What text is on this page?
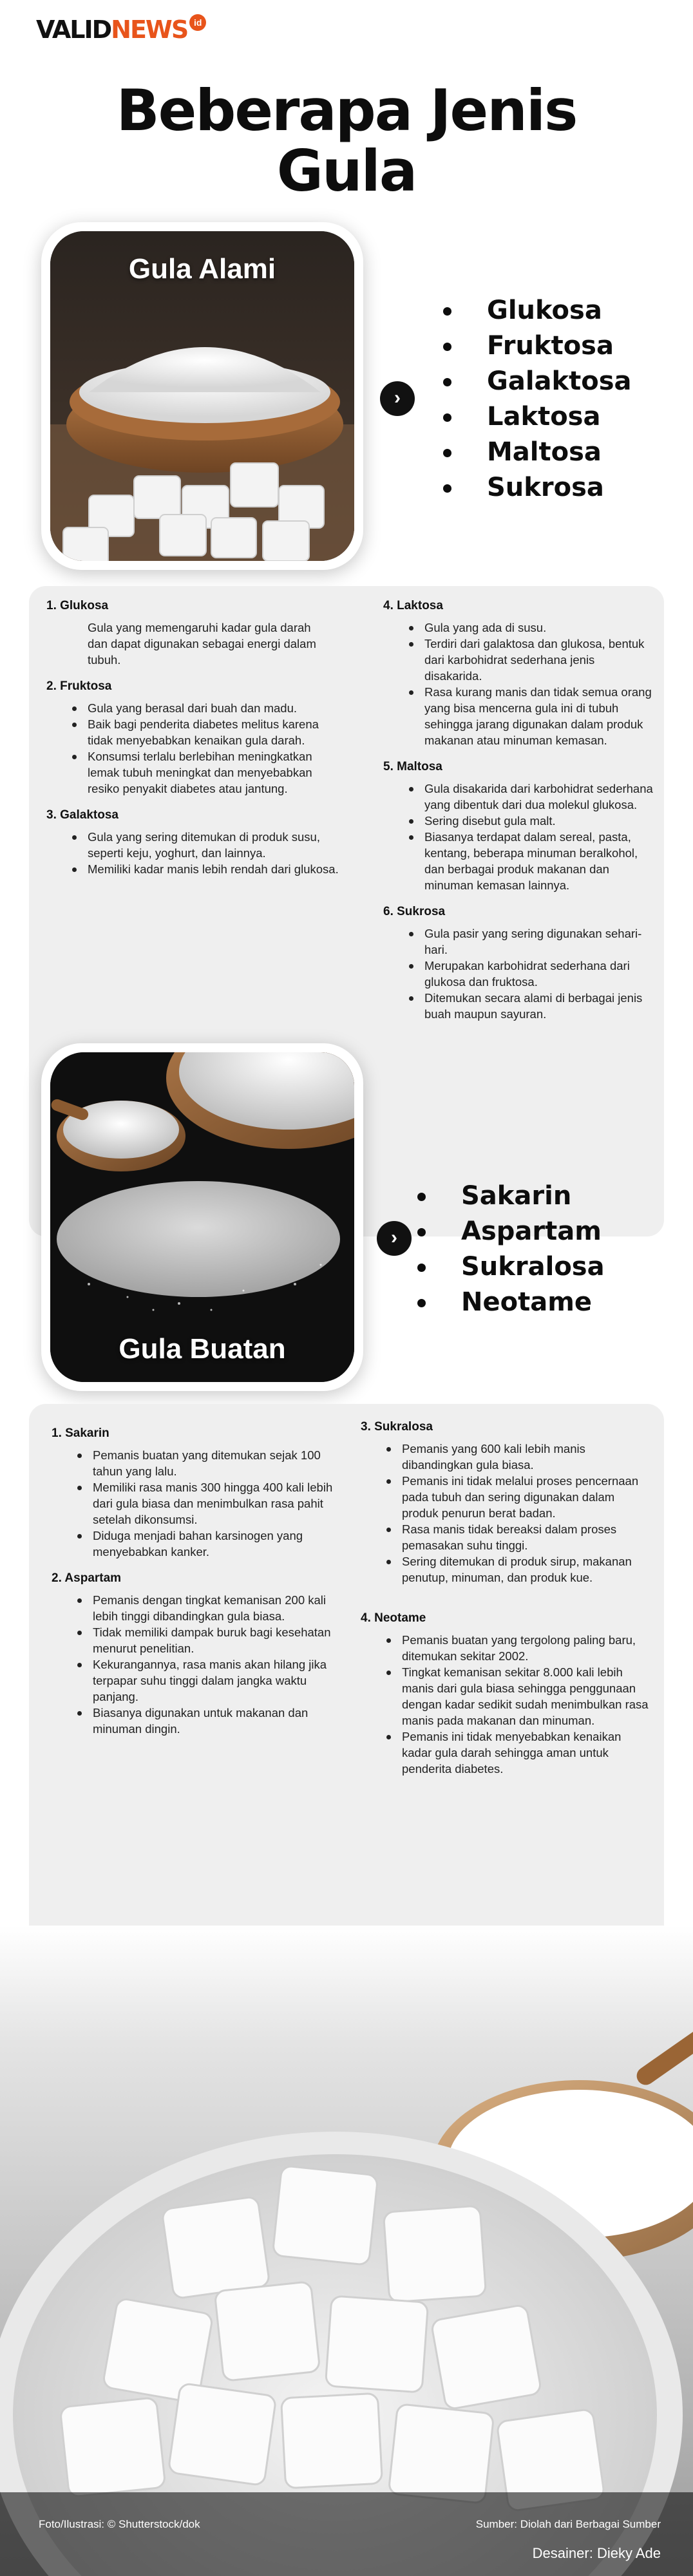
VALID NEWS id
Beberapa Jenis
Gula
Gula Alami
›
Glukosa
Fruktosa
Galaktosa
Laktosa
Maltosa
Sukrosa
1. Glukosa
Gula yang memengaruhi kadar gula darah dan dapat digunakan sebagai energi dalam tubuh.
2. Fruktosa
Gula yang berasal dari buah dan madu.
Baik bagi penderita diabetes melitus karena tidak menyebabkan kenaikan gula darah.
Konsumsi terlalu berlebihan meningkatkan lemak tubuh meningkat dan menyebabkan resiko penyakit diabetes atau jantung.
3. Galaktosa
Gula yang sering ditemukan di produk susu, seperti keju, yoghurt, dan lainnya.
Memiliki kadar manis lebih rendah dari glukosa.
4. Laktosa
Gula yang ada di susu.
Terdiri dari galaktosa dan glukosa, bentuk dari karbohidrat sederhana jenis disakarida.
Rasa kurang manis dan tidak semua orang yang bisa mencerna gula ini di tubuh sehingga jarang digunakan dalam produk makanan atau minuman kemasan.
5. Maltosa
Gula disakarida dari karbohidrat sederhana yang dibentuk dari dua molekul glukosa.
Sering disebut gula malt.
Biasanya terdapat dalam sereal, pasta, kentang, beberapa minuman beralkohol, dan berbagai produk makanan dan minuman kemasan lainnya.
6. Sukrosa
Gula pasir yang sering digunakan sehari-hari.
Merupakan karbohidrat sederhana dari glukosa dan fruktosa.
Ditemukan secara alami di berbagai jenis buah maupun sayuran.
Gula Buatan
›
Sakarin
Aspartam
Sukralosa
Neotame
1. Sakarin
Pemanis buatan yang ditemukan sejak 100 tahun yang lalu.
Memiliki rasa manis 300 hingga 400 kali lebih dari gula biasa dan menimbulkan rasa pahit setelah dikonsumsi.
Diduga menjadi bahan karsinogen yang menyebabkan kanker.
2. Aspartam
Pemanis dengan tingkat kemanisan 200 kali lebih tinggi dibandingkan gula biasa.
Tidak memiliki dampak buruk bagi kesehatan menurut penelitian.
Kekurangannya, rasa manis akan hilang jika terpapar suhu tinggi dalam jangka waktu panjang.
Biasanya digunakan untuk makanan dan minuman dingin.
3. Sukralosa
Pemanis yang 600 kali lebih manis dibandingkan gula biasa.
Pemanis ini tidak melalui proses pencernaan pada tubuh dan sering digunakan dalam produk penurun berat badan.
Rasa manis tidak bereaksi dalam proses pemasakan suhu tinggi.
Sering ditemukan di produk sirup, makanan penutup, minuman, dan produk kue.
4. Neotame
Pemanis buatan yang tergolong paling baru, ditemukan sekitar 2002.
Tingkat kemanisan sekitar 8.000 kali lebih manis dari gula biasa sehingga penggunaan dengan kadar sedikit sudah menimbulkan rasa manis pada makanan dan minuman.
Pemanis ini tidak menyebabkan kenaikan kadar gula darah sehingga aman untuk penderita diabetes.
Foto/Ilustrasi: © Shutterstock/dok	Sumber: Diolah dari Berbagai Sumber
Desainer: Dieky Ade
